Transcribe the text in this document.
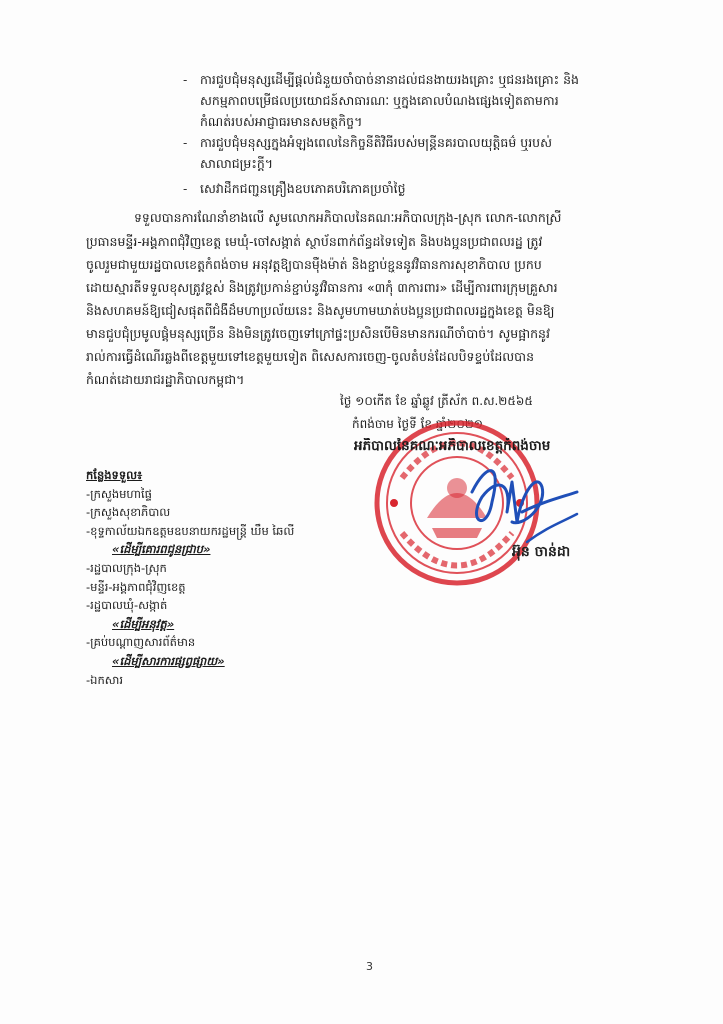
-
-
-
ការជួបជុំមនុស្សដើម្បីផ្ដល់ជំនួយចាំបាច់នានាដល់ជនងាយរងគ្រោះ ឬជនរងគ្រោះ និង
សកម្មភាពបម្រើផលប្រយោជន៍សាធារណៈ ឬក្នុងគោលបំណងផ្សេងទៀតតាមការ
កំណត់របស់អាជ្ញាធរមានសមត្ថកិច្ច។
ការជួបជុំមនុស្សក្នុងអំឡុងពេលនៃកិច្ចនីតិវិធីរបស់មន្ត្រីនគរបាលយុត្តិធម៌ ឬរបស់
សាលាជម្រះក្ដី។
សេវាដឹកជញ្ជូនគ្រឿងឧបភោគបរិភោគប្រចាំថ្ងៃ
ទទួលបានការណែនាំខាងលើ សូមលោកអភិបាលនៃគណៈអភិបាលក្រុង-ស្រុក លោក-លោកស្រី
ប្រធានមន្ទីរ-អង្គភាពជុំវិញខេត្ត មេឃុំ-ចៅសង្កាត់ ស្ថាប័នពាក់ព័ន្ធដទៃទៀត និងបងប្អូនប្រជាពលរដ្ឋ ត្រូវ
ចូលរួមជាមួយរដ្ឋបាលខេត្តកំពង់ចាម អនុវត្តឱ្យបានម៉ឺងម៉ាត់ និងខ្ជាប់ខ្ជួននូវវិធានការសុខាភិបាល ប្រកប
ដោយស្មារតីទទួលខុសត្រូវខ្ពស់ និងត្រូវប្រកាន់ខ្ជាប់នូវវិធានការ «៣កុំ ៣ការពារ» ដើម្បីការពារក្រុមគ្រួសារ
និងសហគមន៍ឱ្យជៀសផុតពីជំងឺដ៏មហាប្រល័យនេះ និងសូមហាមឃាត់បងប្អូនប្រជាពលរដ្ឋក្នុងខេត្ត មិនឱ្យ
មានជួបជុំប្រមូលផ្ដុំមនុស្សច្រើន និងមិនត្រូវចេញទៅក្រៅផ្ទះប្រសិនបើមិនមានករណីចាំបាច់។ សូមផ្អាកនូវ
រាល់ការធ្វើដំណើរឆ្លងពីខេត្តមួយទៅខេត្តមួយទៀត ពិសេសការចេញ-ចូលតំបន់ដែលបិទខ្ទប់ដែលបាន
កំណត់ដោយរាជរដ្ឋាភិបាលកម្ពុជា។
ថ្ងៃ ១០កើត ខែ ឆ្នាំឆ្លូវ ត្រីស័ក ព.ស.២៥៦៥
កំពង់ចាម ថ្ងៃទី ខែ ឆ្នាំ២០២១
អភិបាលនៃគណៈអភិបាលខេត្តកំពង់ចាម
អ៊ុន ចាន់ដា
កន្លែងទទួល៖
-ក្រសួងមហាផ្ទៃ
-ក្រសួងសុខាភិបាល
-ខុទ្ទកាល័យឯកឧត្ដមឧបនាយករដ្ឋមន្ត្រី ឃឹម ឆៃលី
«ដើម្បីគោរពជូនជ្រាប»
-រដ្ឋបាលក្រុង-ស្រុក
-មន្ទីរ-អង្គភាពជុំវិញខេត្ត
-រដ្ឋបាលឃុំ-សង្កាត់
«ដើម្បីអនុវត្ត»
-គ្រប់បណ្ដាញសារព័ត៌មាន
«ដើម្បីសារការផ្សព្វផ្សាយ»
-ឯកសារ
3
